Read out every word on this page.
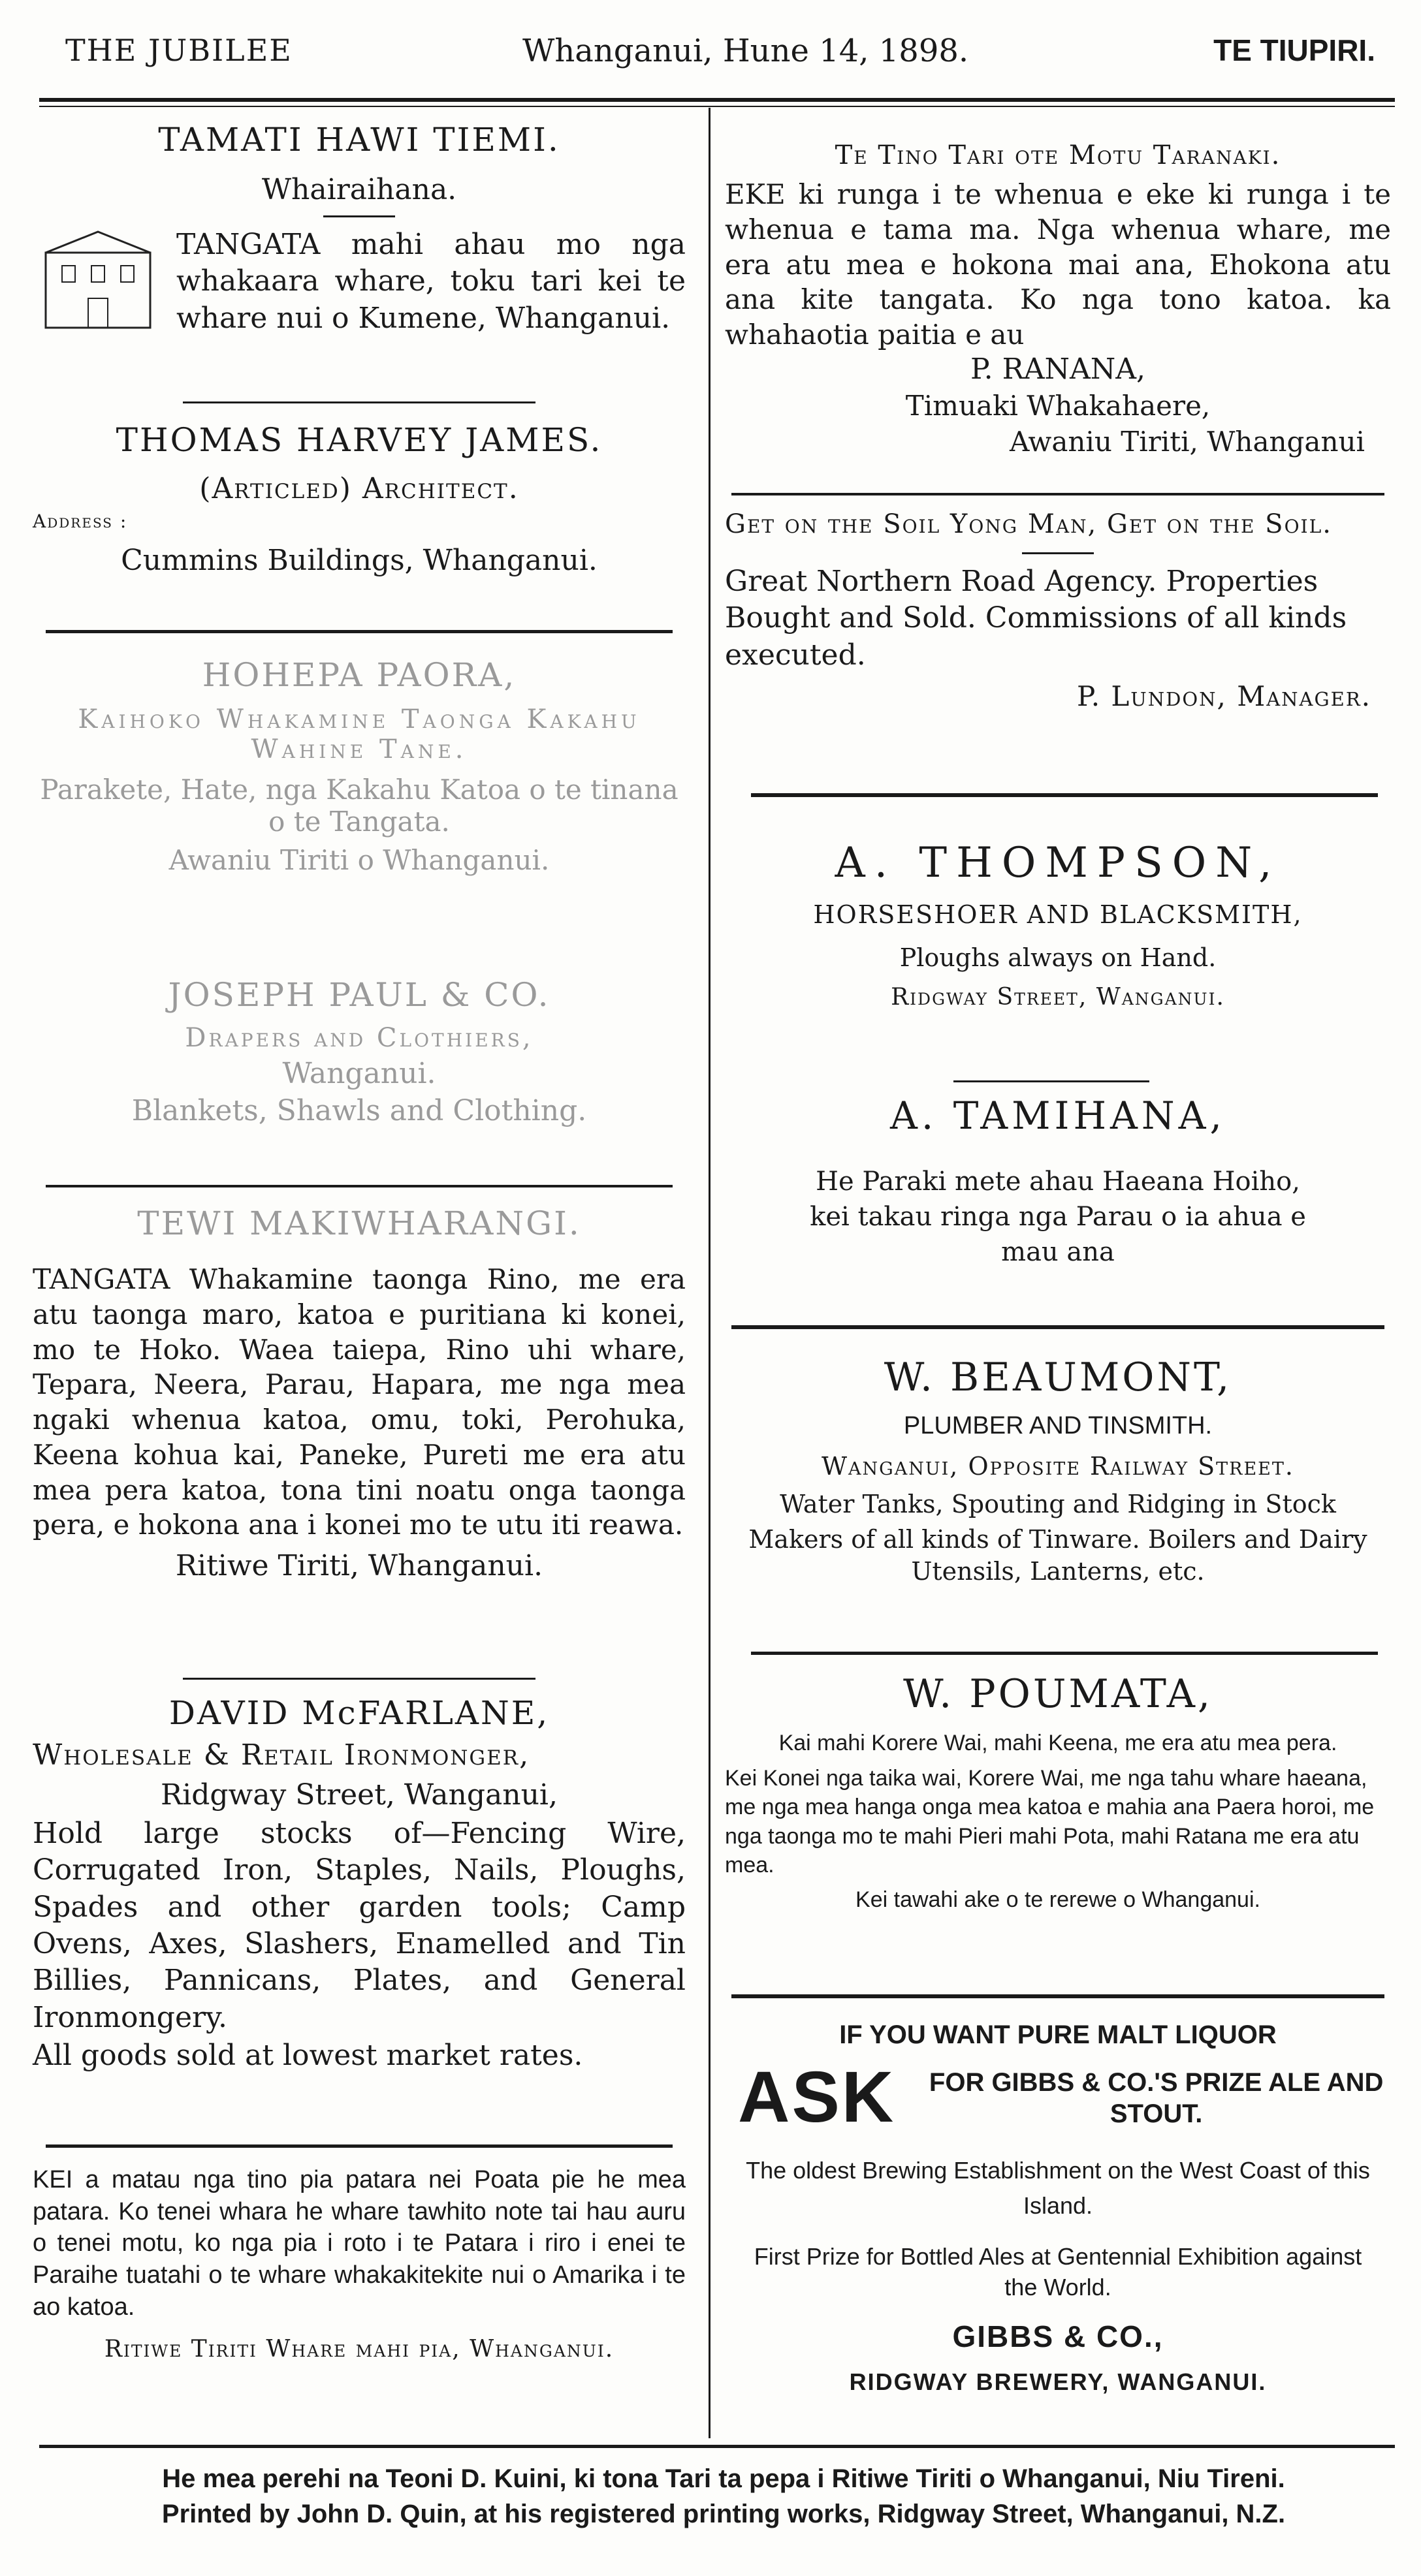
THE JUBILEE	Whanganui, Hune 14, 1898.	TE TIUPIRI.
TAMATI HAWI TIEMI.
Whairaihana.
TANGATA mahi ahau mo nga whakaara whare, toku tari kei te whare nui o Kumene, Whanganui.
THOMAS HARVEY JAMES.
(Articled) Architect.
Address :
Cummins Buildings, Whanganui.
HOHEPA PAORA,
Kaihoko Whakamine Taonga Kakahu Wahine Tane.
Parakete, Hate, nga Kakahu Katoa o te tinana o te Tangata.
Awaniu Tiriti o Whanganui.
JOSEPH PAUL & CO.
Drapers and Clothiers,
Wanganui.
Blankets, Shawls and Clothing.
TEWI MAKIWHARANGI.
TANGATA Whakamine taonga Rino, me era atu taonga maro, katoa e puritiana ki konei, mo te Hoko. Waea taiepa, Rino uhi whare, Tepara, Neera, Parau, Hapara, me nga mea ngaki whenua katoa, omu, toki, Perohuka, Keena kohua kai, Paneke, Pureti me era atu mea pera katoa, tona tini noatu onga taonga pera, e hokona ana i konei mo te utu iti reawa.
Ritiwe Tiriti, Whanganui.
DAVID McFARLANE,
Wholesale & Retail Ironmonger,
Ridgway Street, Wanganui,
Hold large stocks of—Fencing Wire, Corrugated Iron, Staples, Nails, Ploughs, Spades and other garden tools; Camp Ovens, Axes, Slashers, Enamelled and Tin Billies, Pannicans, Plates, and General Ironmongery.
All goods sold at lowest market rates.
KEI a matau nga tino pia patara nei Poata pie he mea patara. Ko tenei whara he whare tawhito note tai hau auru o tenei motu, ko nga pia i roto i te Patara i riro i enei te Paraihe tuatahi o te whare whakakitekite nui o Amarika i te ao katoa.
Ritiwe Tiriti Whare mahi pia, Whanganui.
Te Tino Tari ote Motu Taranaki.
EKE ki runga i te whenua e eke ki runga i te whenua e tama ma. Nga whenua whare, me era atu mea e hokona mai ana, Ehokona atu ana kite tangata. Ko nga tono katoa. ka whahaotia paitia e au
P. RANANA,
Timuaki Whakahaere,
Awaniu Tiriti, Whanganui
Get on the Soil Yong Man, Get on the Soil.
Great Northern Road Agency. Properties Bought and Sold. Commissions of all kinds executed.
P. Lundon, Manager.
A. THOMPSON,
HORSESHOER AND BLACKSMITH,
Ploughs always on Hand.
Ridgway Street, Wanganui.
A. TAMIHANA,
He Paraki mete ahau Haeana Hoiho, kei takau ringa nga Parau o ia ahua e mau ana
W. BEAUMONT,
PLUMBER AND TINSMITH.
Wanganui, Opposite Railway Street.
Water Tanks, Spouting and Ridging in Stock
Makers of all kinds of Tinware. Boilers and Dairy Utensils, Lanterns, etc.
W. POUMATA,
Kai mahi Korere Wai, mahi Keena, me era atu mea pera.
Kei Konei nga taika wai, Korere Wai, me nga tahu whare haeana, me nga mea hanga onga mea katoa e mahia ana Paera horoi, me nga taonga mo te mahi Pieri mahi Pota, mahi Ratana me era atu mea.
Kei tawahi ake o te rerewe o Whanganui.
IF YOU WANT PURE MALT LIQUOR
ASK	FOR GIBBS & CO.'S PRIZE ALE AND STOUT.
The oldest Brewing Establishment on the West Coast of this Island.
First Prize for Bottled Ales at Gentennial Exhibition against the World.
GIBBS & CO.,
RIDGWAY BREWERY, WANGANUI.
He mea perehi na Teoni D. Kuini, ki tona Tari ta pepa i Ritiwe Tiriti o Whanganui, Niu Tireni.
Printed by John D. Quin, at his registered printing works, Ridgway Street, Whanganui, N.Z.
